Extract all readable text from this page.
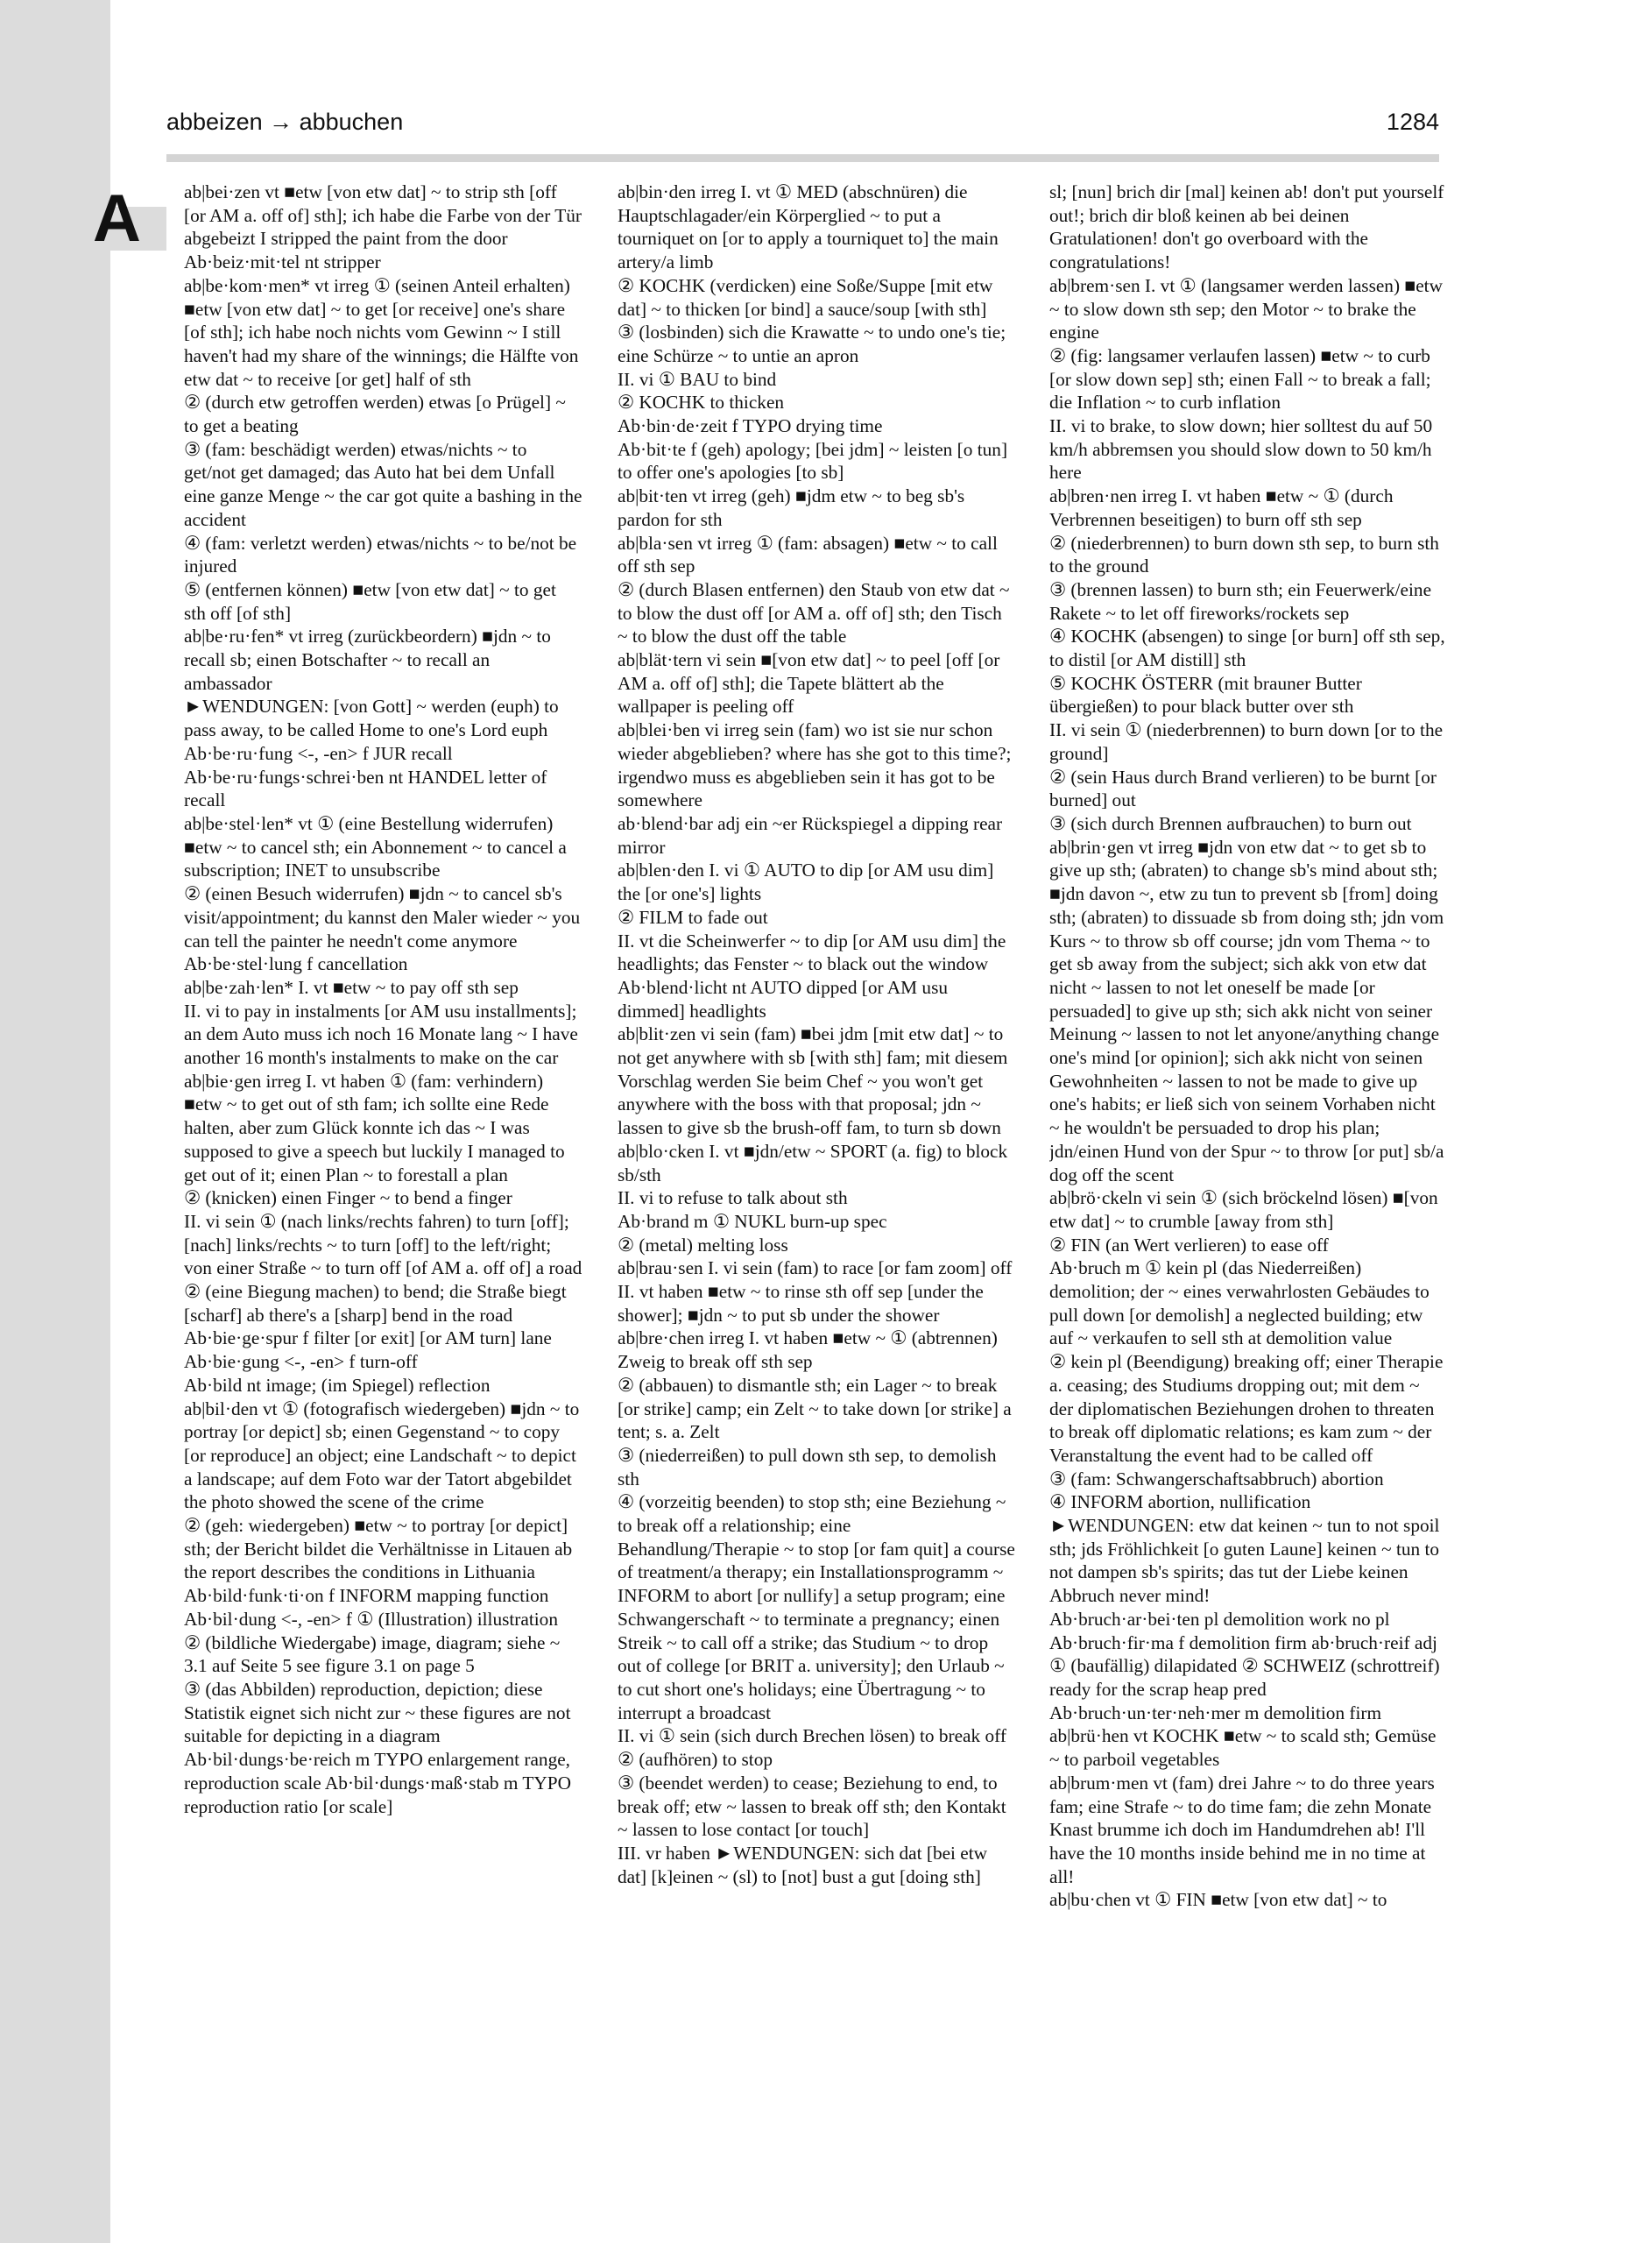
A
abbeizen → abbuchen	1284

ab|bei·zen vt ■etw [von etw dat] ~ to strip sth [off [or AM a. off of] sth]; ich habe die Farbe von der Tür abgebeizt I stripped the paint from the door

Ab·beiz·mit·tel nt stripper

ab|be·kom·men* vt irreg ① (seinen Anteil erhalten) ■etw [von etw dat] ~ to get [or receive] one's share [of sth]; ich habe noch nichts vom Gewinn ~ I still haven't had my share of the winnings; die Hälfte von etw dat ~ to receive [or get] half of sth

② (durch etw getroffen werden) etwas [o Prügel] ~ to get a beating

③ (fam: beschädigt werden) etwas/nichts ~ to get/not get damaged; das Auto hat bei dem Unfall eine ganze Menge ~ the car got quite a bashing in the accident

④ (fam: verletzt werden) etwas/nichts ~ to be/not be injured

⑤ (entfernen können) ■etw [von etw dat] ~ to get sth off [of sth]

ab|be·ru·fen* vt irreg (zurückbeordern) ■jdn ~ to recall sb; einen Botschafter ~ to recall an ambassador

►WENDUNGEN: [von Gott] ~ werden (euph) to pass away, to be called Home to one's Lord euph

Ab·be·ru·fung <-, -en> f JUR recall

Ab·be·ru·fungs·schrei·ben nt HANDEL letter of recall

ab|be·stel·len* vt ① (eine Bestellung widerrufen) ■etw ~ to cancel sth; ein Abonnement ~ to cancel a subscription; INET to unsubscribe

② (einen Besuch widerrufen) ■jdn ~ to cancel sb's visit/appointment; du kannst den Maler wieder ~ you can tell the painter he needn't come anymore

Ab·be·stel·lung f cancellation

ab|be·zah·len* I. vt ■etw ~ to pay off sth sep

II. vi to pay in instalments [or AM usu installments]; an dem Auto muss ich noch 16 Monate lang ~ I have another 16 month's instalments to make on the car

ab|bie·gen irreg I. vt haben ① (fam: verhindern) ■etw ~ to get out of sth fam; ich sollte eine Rede halten, aber zum Glück konnte ich das ~ I was supposed to give a speech but luckily I managed to get out of it; einen Plan ~ to forestall a plan

② (knicken) einen Finger ~ to bend a finger

II. vi sein ① (nach links/rechts fahren) to turn [off]; [nach] links/rechts ~ to turn [off] to the left/right; von einer Straße ~ to turn off [of AM a. off of] a road

② (eine Biegung machen) to bend; die Straße biegt [scharf] ab there's a [sharp] bend in the road

Ab·bie·ge·spur f filter [or exit] [or AM turn] lane

Ab·bie·gung <-, -en> f turn-off

Ab·bild nt image; (im Spiegel) reflection

ab|bil·den vt ① (fotografisch wiedergeben) ■jdn ~ to portray [or depict] sb; einen Gegenstand ~ to copy [or reproduce] an object; eine Landschaft ~ to depict a landscape; auf dem Foto war der Tatort abgebildet the photo showed the scene of the crime

② (geh: wiedergeben) ■etw ~ to portray [or depict] sth; der Bericht bildet die Verhältnisse in Litauen ab the report describes the conditions in Lithuania

Ab·bild·funk·ti·on f INFORM mapping function

Ab·bil·dung <-, -en> f ① (Illustration) illustration

② (bildliche Wiedergabe) image, diagram; siehe ~ 3.1 auf Seite 5 see figure 3.1 on page 5

③ (das Abbilden) reproduction, depiction; diese Statistik eignet sich nicht zur ~ these figures are not suitable for depicting in a diagram

Ab·bil·dungs·be·reich m TYPO enlargement range, reproduction scale Ab·bil·dungs·maß·stab m TYPO reproduction ratio [or scale]

ab|bin·den irreg I. vt ① MED (abschnüren) die Hauptschlagader/ein Körperglied ~ to put a tourniquet on [or to apply a tourniquet to] the main artery/a limb

② KOCHK (verdicken) eine Soße/Suppe [mit etw dat] ~ to thicken [or bind] a sauce/soup [with sth]

③ (losbinden) sich die Krawatte ~ to undo one's tie; eine Schürze ~ to untie an apron

II. vi ① BAU to bind

② KOCHK to thicken

Ab·bin·de·zeit f TYPO drying time

Ab·bit·te f (geh) apology; [bei jdm] ~ leisten [o tun] to offer one's apologies [to sb]

ab|bit·ten vt irreg (geh) ■jdm etw ~ to beg sb's pardon for sth

ab|bla·sen vt irreg ① (fam: absagen) ■etw ~ to call off sth sep

② (durch Blasen entfernen) den Staub von etw dat ~ to blow the dust off [or AM a. off of] sth; den Tisch ~ to blow the dust off the table

ab|blät·tern vi sein ■[von etw dat] ~ to peel [off [or AM a. off of] sth]; die Tapete blättert ab the wallpaper is peeling off

ab|blei·ben vi irreg sein (fam) wo ist sie nur schon wieder abgeblieben? where has she got to this time?; irgendwo muss es abgeblieben sein it has got to be somewhere

ab·blend·bar adj ein ~er Rückspiegel a dipping rear mirror

ab|blen·den I. vi ① AUTO to dip [or AM usu dim] the [or one's] lights

② FILM to fade out

II. vt die Scheinwerfer ~ to dip [or AM usu dim] the headlights; das Fenster ~ to black out the window

Ab·blend·licht nt AUTO dipped [or AM usu dimmed] headlights

ab|blit·zen vi sein (fam) ■bei jdm [mit etw dat] ~ to not get anywhere with sb [with sth] fam; mit diesem Vorschlag werden Sie beim Chef ~ you won't get anywhere with the boss with that proposal; jdn ~ lassen to give sb the brush-off fam, to turn sb down

ab|blo·cken I. vt ■jdn/etw ~ SPORT (a. fig) to block sb/sth

II. vi to refuse to talk about sth

Ab·brand m ① NUKL burn-up spec

② (metal) melting loss

ab|brau·sen I. vi sein (fam) to race [or fam zoom] off

II. vt haben ■etw ~ to rinse sth off sep [under the shower]; ■jdn ~ to put sb under the shower

ab|bre·chen irreg I. vt haben ■etw ~ ① (abtrennen) Zweig to break off sth sep

② (abbauen) to dismantle sth; ein Lager ~ to break [or strike] camp; ein Zelt ~ to take down [or strike] a tent; s. a. Zelt

③ (niederreißen) to pull down sth sep, to demolish sth

④ (vorzeitig beenden) to stop sth; eine Beziehung ~ to break off a relationship; eine Behandlung/Therapie ~ to stop [or fam quit] a course of treatment/a therapy; ein Installationsprogramm ~ INFORM to abort [or nullify] a setup program; eine Schwangerschaft ~ to terminate a pregnancy; einen Streik ~ to call off a strike; das Studium ~ to drop out of college [or BRIT a. university]; den Urlaub ~ to cut short one's holidays; eine Übertragung ~ to interrupt a broadcast

II. vi ① sein (sich durch Brechen lösen) to break off

② (aufhören) to stop

③ (beendet werden) to cease; Beziehung to end, to break off; etw ~ lassen to break off sth; den Kontakt ~ lassen to lose contact [or touch]

III. vr haben ►WENDUNGEN: sich dat [bei etw dat] [k]einen ~ (sl) to [not] bust a gut [doing sth]

sl; [nun] brich dir [mal] keinen ab! don't put yourself out!; brich dir bloß keinen ab bei deinen Gratulationen! don't go overboard with the congratulations!

ab|brem·sen I. vt ① (langsamer werden lassen) ■etw ~ to slow down sth sep; den Motor ~ to brake the engine

② (fig: langsamer verlaufen lassen) ■etw ~ to curb [or slow down sep] sth; einen Fall ~ to break a fall; die Inflation ~ to curb inflation

II. vi to brake, to slow down; hier solltest du auf 50 km/h abbremsen you should slow down to 50 km/h here

ab|bren·nen irreg I. vt haben ■etw ~ ① (durch Verbrennen beseitigen) to burn off sth sep

② (niederbrennen) to burn down sth sep, to burn sth to the ground

③ (brennen lassen) to burn sth; ein Feuerwerk/eine Rakete ~ to let off fireworks/rockets sep

④ KOCHK (absengen) to singe [or burn] off sth sep, to distil [or AM distill] sth

⑤ KOCHK ÖSTERR (mit brauner Butter übergießen) to pour black butter over sth

II. vi sein ① (niederbrennen) to burn down [or to the ground]

② (sein Haus durch Brand verlieren) to be burnt [or burned] out

③ (sich durch Brennen aufbrauchen) to burn out

ab|brin·gen vt irreg ■jdn von etw dat ~ to get sb to give up sth; (abraten) to change sb's mind about sth; ■jdn davon ~, etw zu tun to prevent sb [from] doing sth; (abraten) to dissuade sb from doing sth; jdn vom Kurs ~ to throw sb off course; jdn vom Thema ~ to get sb away from the subject; sich akk von etw dat nicht ~ lassen to not let oneself be made [or persuaded] to give up sth; sich akk nicht von seiner Meinung ~ lassen to not let anyone/anything change one's mind [or opinion]; sich akk nicht von seinen Gewohnheiten ~ lassen to not be made to give up one's habits; er ließ sich von seinem Vorhaben nicht ~ he wouldn't be persuaded to drop his plan; jdn/einen Hund von der Spur ~ to throw [or put] sb/a dog off the scent

ab|brö·ckeln vi sein ① (sich bröckelnd lösen) ■[von etw dat] ~ to crumble [away from sth]

② FIN (an Wert verlieren) to ease off

Ab·bruch m ① kein pl (das Niederreißen) demolition; der ~ eines verwahrlosten Gebäudes to pull down [or demolish] a neglected building; etw auf ~ verkaufen to sell sth at demolition value

② kein pl (Beendigung) breaking off; einer Therapie a. ceasing; des Studiums dropping out; mit dem ~ der diplomatischen Beziehungen drohen to threaten to break off diplomatic relations; es kam zum ~ der Veranstaltung the event had to be called off

③ (fam: Schwangerschaftsabbruch) abortion

④ INFORM abortion, nullification

►WENDUNGEN: etw dat keinen ~ tun to not spoil sth; jds Fröhlichkeit [o guten Laune] keinen ~ tun to not dampen sb's spirits; das tut der Liebe keinen Abbruch never mind!

Ab·bruch·ar·bei·ten pl demolition work no pl Ab·bruch·fir·ma f demolition firm ab·bruch·reif adj ① (baufällig) dilapidated ② SCHWEIZ (schrottreif) ready for the scrap heap pred Ab·bruch·un·ter·neh·mer m demolition firm

ab|brü·hen vt KOCHK ■etw ~ to scald sth; Gemüse ~ to parboil vegetables

ab|brum·men vt (fam) drei Jahre ~ to do three years fam; eine Strafe ~ to do time fam; die zehn Monate Knast brumme ich doch im Handumdrehen ab! I'll have the 10 months inside behind me in no time at all!

ab|bu·chen vt ① FIN ■etw [von etw dat] ~ to
